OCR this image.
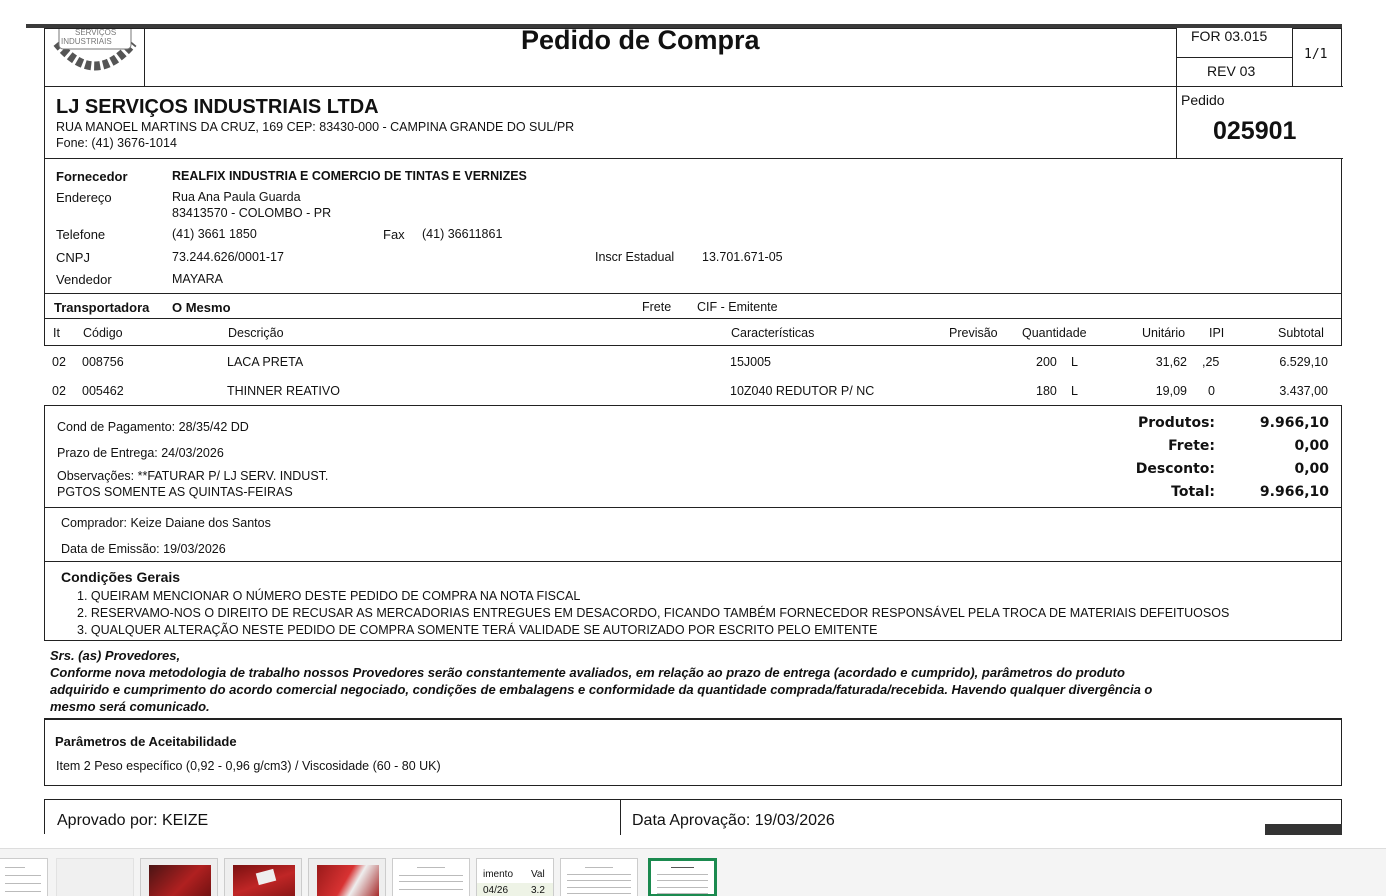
SERVIÇOS
INDUSTRIAIS	Pedido de Compra	FOR 03.015
REV 03
1/1
LJ SERVIÇOS INDUSTRIAIS LTDA
RUA MANOEL MARTINS DA CRUZ, 169 CEP: 83430-000 - CAMPINA GRANDE DO SUL/PR
Fone: (41) 3676-1014
Pedido
025901
Fornecedor	REALFIX INDUSTRIA E COMERCIO DE TINTAS E VERNIZES
Endereço	Rua Ana Paula Guarda
83413570 - COLOMBO - PR
Telefone	(41) 3661 1850	Fax (41) 36611861
CNPJ	73.244.626/0001-17	Inscr Estadual 13.701.671-05
Vendedor	MAYARA
Transportadora O Mesmo	Frete CIF - Emitente
It Código	Descrição	Características	Previsão Quantidade	Unitário IPI	Subtotal
02 008756	LACA PRETA	15J005	200 L	31,62 ,25	6.529,10
02 005462	THINNER REATIVO	10Z040 REDUTOR P/ NC	180 L	19,09 0	3.437,00
Cond de Pagamento: 28/35/42 DD
Prazo de Entrega: 24/03/2026
Observações: **FATURAR P/ LJ SERV. INDUST.
PGTOS SOMENTE AS QUINTAS-FEIRAS
Produtos:	9.966,10
Frete:	0,00
Desconto:	0,00
Total:	9.966,10
Comprador: Keize Daiane dos Santos
Data de Emissão: 19/03/2026
Condições Gerais
1. QUEIRAM MENCIONAR O NÚMERO DESTE PEDIDO DE COMPRA NA NOTA FISCAL
2. RESERVAMO-NOS O DIREITO DE RECUSAR AS MERCADORIAS ENTREGUES EM DESACORDO, FICANDO TAMBÉM FORNECEDOR RESPONSÁVEL PELA TROCA DE MATERIAIS DEFEITUOSOS
3. QUALQUER ALTERAÇÃO NESTE PEDIDO DE COMPRA SOMENTE TERÁ VALIDADE SE AUTORIZADO POR ESCRITO PELO EMITENTE
Srs. (as) Provedores,
Conforme nova metodologia de trabalho nossos Provedores serão constantemente avaliados, em relação ao prazo de entrega (acordado e cumprido), parâmetros do produto
adquirido e cumprimento do acordo comercial negociado, condições de embalagens e conformidade da quantidade comprada/faturada/recebida. Havendo qualquer divergência o
mesmo será comunicado.
Parâmetros de Aceitabilidade
Item 2 Peso específico (0,92 - 0,96 g/cm3) / Viscosidade (60 - 80 UK)
Aprovado por: KEIZE	Data Aprovação: 19/03/2026
imento Val
04/26 3.2
